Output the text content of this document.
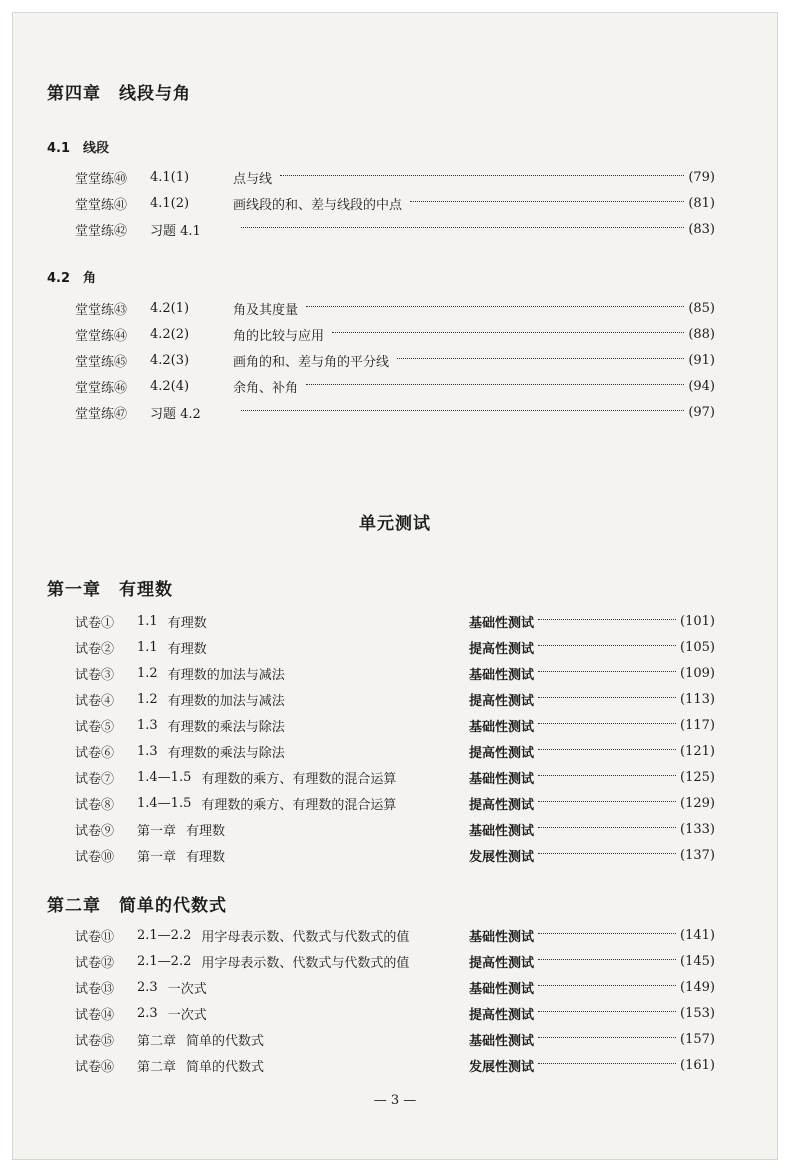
第四章　线段与角
4.1　线段
堂堂练㊵	4.1(1)	点与线	(79)
堂堂练㊶	4.1(2)	画线段的和、差与线段的中点	(81)
堂堂练㊷	习题 4.1	(83)
4.2　角
堂堂练㊸	4.2(1)	角及其度量	(85)
堂堂练㊹	4.2(2)	角的比较与应用	(88)
堂堂练㊺	4.2(3)	画角的和、差与角的平分线	(91)
堂堂练㊻	4.2(4)	余角、补角	(94)
堂堂练㊼	习题 4.2	(97)
单元测试
第一章　有理数
试卷①	1.1 有理数	基础性测试	(101)
试卷②	1.1 有理数	提高性测试	(105)
试卷③	1.2 有理数的加法与减法	基础性测试	(109)
试卷④	1.2 有理数的加法与减法	提高性测试	(113)
试卷⑤	1.3 有理数的乘法与除法	基础性测试	(117)
试卷⑥	1.3 有理数的乘法与除法	提高性测试	(121)
试卷⑦	1.4—1.5 有理数的乘方、有理数的混合运算	基础性测试	(125)
试卷⑧	1.4—1.5 有理数的乘方、有理数的混合运算	提高性测试	(129)
试卷⑨	第一章 有理数	基础性测试	(133)
试卷⑩	第一章 有理数	发展性测试	(137)
第二章　简单的代数式
试卷⑪	2.1—2.2 用字母表示数、代数式与代数式的值	基础性测试	(141)
试卷⑫	2.1—2.2 用字母表示数、代数式与代数式的值	提高性测试	(145)
试卷⑬	2.3 一次式	基础性测试	(149)
试卷⑭	2.3 一次式	提高性测试	(153)
试卷⑮	第二章 简单的代数式	基础性测试	(157)
试卷⑯	第二章 简单的代数式	发展性测试	(161)
— 3 —
